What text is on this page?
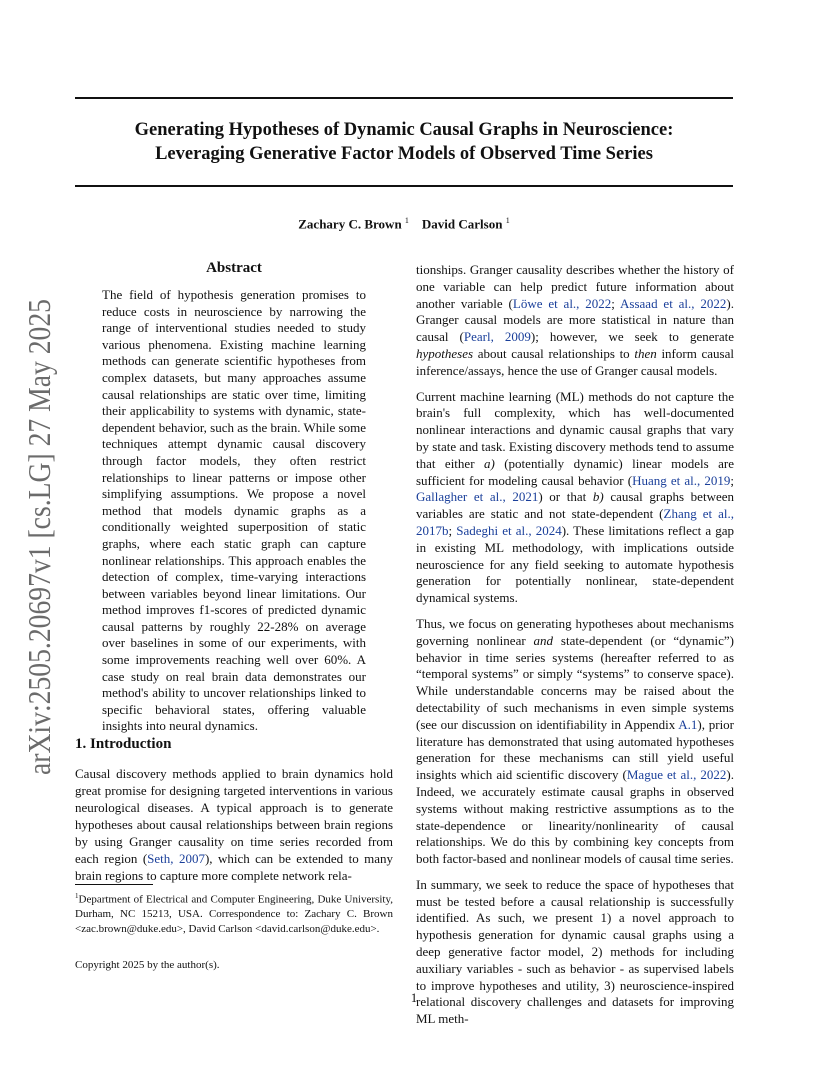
arXiv:2505.20697v1 [cs.LG] 27 May 2025
Generating Hypotheses of Dynamic Causal Graphs in Neuroscience:
Leveraging Generative Factor Models of Observed Time Series
Zachary C. Brown $^1$ David Carlson $^1$
Abstract
The field of hypothesis generation promises to reduce costs in neuroscience by narrowing the range of interventional studies needed to study various phenomena. Existing machine learning methods can generate scientific hypotheses from complex datasets, but many approaches assume causal relationships are static over time, limiting their applicability to systems with dynamic, state-dependent behavior, such as the brain. While some techniques attempt dynamic causal discovery through factor models, they often restrict relationships to linear patterns or impose other simplifying assumptions. We propose a novel method that models dynamic graphs as a conditionally weighted superposition of static graphs, where each static graph can capture nonlinear relationships. This approach enables the detection of complex, time-varying interactions between variables beyond linear limitations. Our method improves f1-scores of predicted dynamic causal patterns by roughly 22-28% on average over baselines in some of our experiments, with some improvements reaching well over 60%. A case study on real brain data demonstrates our method's ability to uncover relationships linked to specific behavioral states, offering valuable insights into neural dynamics.
1. Introduction
Causal discovery methods applied to brain dynamics hold great promise for designing targeted interventions in various neurological diseases. A typical approach is to generate hypotheses about causal relationships between brain regions by using Granger causality on time series recorded from each region (Seth, 2007), which can be extended to many brain regions to capture more complete network rela-
$^1$Department of Electrical and Computer Engineering, Duke University, Durham, NC 15213, USA. Correspondence to: Zachary C. Brown <zac.brown@duke.edu>, David Carlson <david.carlson@duke.edu>.
Copyright 2025 by the author(s).

tionships. Granger causality describes whether the history of one variable can help predict future information about another variable (Löwe et al., 2022; Assaad et al., 2022). Granger causal models are more statistical in nature than causal (Pearl, 2009); however, we seek to generate hypotheses about causal relationships to then inform causal inference/assays, hence the use of Granger causal models.

Current machine learning (ML) methods do not capture the brain's full complexity, which has well-documented nonlinear interactions and dynamic causal graphs that vary by state and task. Existing discovery methods tend to assume that either a) (potentially dynamic) linear models are sufficient for modeling causal behavior (Huang et al., 2019; Gallagher et al., 2021) or that b) causal graphs between variables are static and not state-dependent (Zhang et al., 2017b; Sadeghi et al., 2024). These limitations reflect a gap in existing ML methodology, with implications outside neuroscience for any field seeking to automate hypothesis generation for potentially nonlinear, state-dependent dynamical systems.

Thus, we focus on generating hypotheses about mechanisms governing nonlinear and state-dependent (or “dynamic”) behavior in time series systems (hereafter referred to as “temporal systems” or simply “systems” to conserve space). While understandable concerns may be raised about the detectability of such mechanisms in even simple systems (see our discussion on identifiability in Appendix A.1), prior literature has demonstrated that using automated hypotheses generation for these mechanisms can still yield useful insights which aid scientific discovery (Mague et al., 2022). Indeed, we accurately estimate causal graphs in observed systems without making restrictive assumptions as to the state-dependence or linearity/nonlinearity of causal relationships. We do this by combining key concepts from both factor-based and nonlinear models of causal time series.

In summary, we seek to reduce the space of hypotheses that must be tested before a causal relationship is successfully identified. As such, we present 1) a novel approach to hypothesis generation for dynamic causal graphs using a deep generative factor model, 2) methods for including auxiliary variables - such as behavior - as supervised labels to improve hypotheses and utility, 3) neuroscience-inspired relational discovery challenges and datasets for improving ML meth-

1
